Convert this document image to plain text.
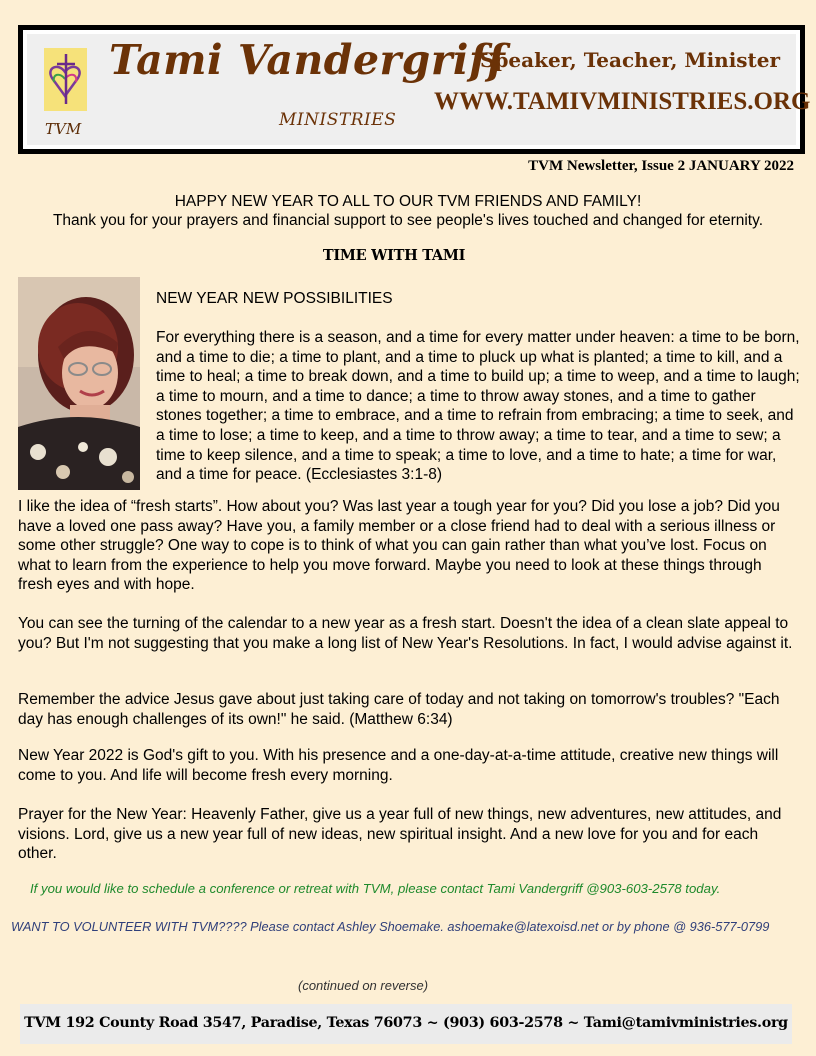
TVM
Tami Vandergriff
MINISTRIES
Speaker, Teacher, Minister
WWW.TAMIVMINISTRIES.ORG
TVM Newsletter, Issue 2 JANUARY 2022
HAPPY NEW YEAR TO ALL TO OUR TVM FRIENDS AND FAMILY!
Thank you for your prayers and financial support to see people's lives touched and changed for eternity.
TIME WITH TAMI
NEW YEAR NEW POSSIBILITIES
For everything there is a season, and a time for every matter under heaven: a time to be born, and a time to die; a time to plant, and a time to pluck up what is planted; a time to kill, and a time to heal; a time to break down, and a time to build up; a time to weep, and a time to laugh; a time to mourn, and a time to dance; a time to throw away stones, and a time to gather stones together; a time to embrace, and a time to refrain from embracing; a time to seek, and a time to lose; a time to keep, and a time to throw away; a time to tear, and a time to sew; a time to keep silence, and a time to speak; a time to love, and a time to hate; a time for war, and a time for peace. (Ecclesiastes 3:1-8)
I like the idea of “fresh starts”. How about you? Was last year a tough year for you? Did you lose a job? Did you have a loved one pass away? Have you, a family member or a close friend had to deal with a serious illness or some other struggle? One way to cope is to think of what you can gain rather than what you’ve lost. Focus on what to learn from the experience to help you move forward. Maybe you need to look at these things through fresh eyes and with hope.
You can see the turning of the calendar to a new year as a fresh start. Doesn't the idea of a clean slate appeal to you? But I'm not suggesting that you make a long list of New Year's Resolutions. In fact, I would advise against it.
Remember the advice Jesus gave about just taking care of today and not taking on tomorrow's troubles? "Each day has enough challenges of its own!" he said. (Matthew 6:34)
New Year 2022 is God's gift to you. With his presence and a one-day-at-a-time attitude, creative new things will come to you. And life will become fresh every morning.
Prayer for the New Year: Heavenly Father, give us a year full of new things, new adventures, new attitudes, and visions. Lord, give us a new year full of new ideas, new spiritual insight. And a new love for you and for each other.
If you would like to schedule a conference or retreat with TVM, please contact Tami Vandergriff @903-603-2578 today.
WANT TO VOLUNTEER WITH TVM???? Please contact Ashley Shoemake. ashoemake@latexoisd.net or by phone @ 936-577-0799
(continued on reverse)
TVM 192 County Road 3547, Paradise, Texas 76073 ~ (903) 603-2578 ~ Tami@tamivministries.org
